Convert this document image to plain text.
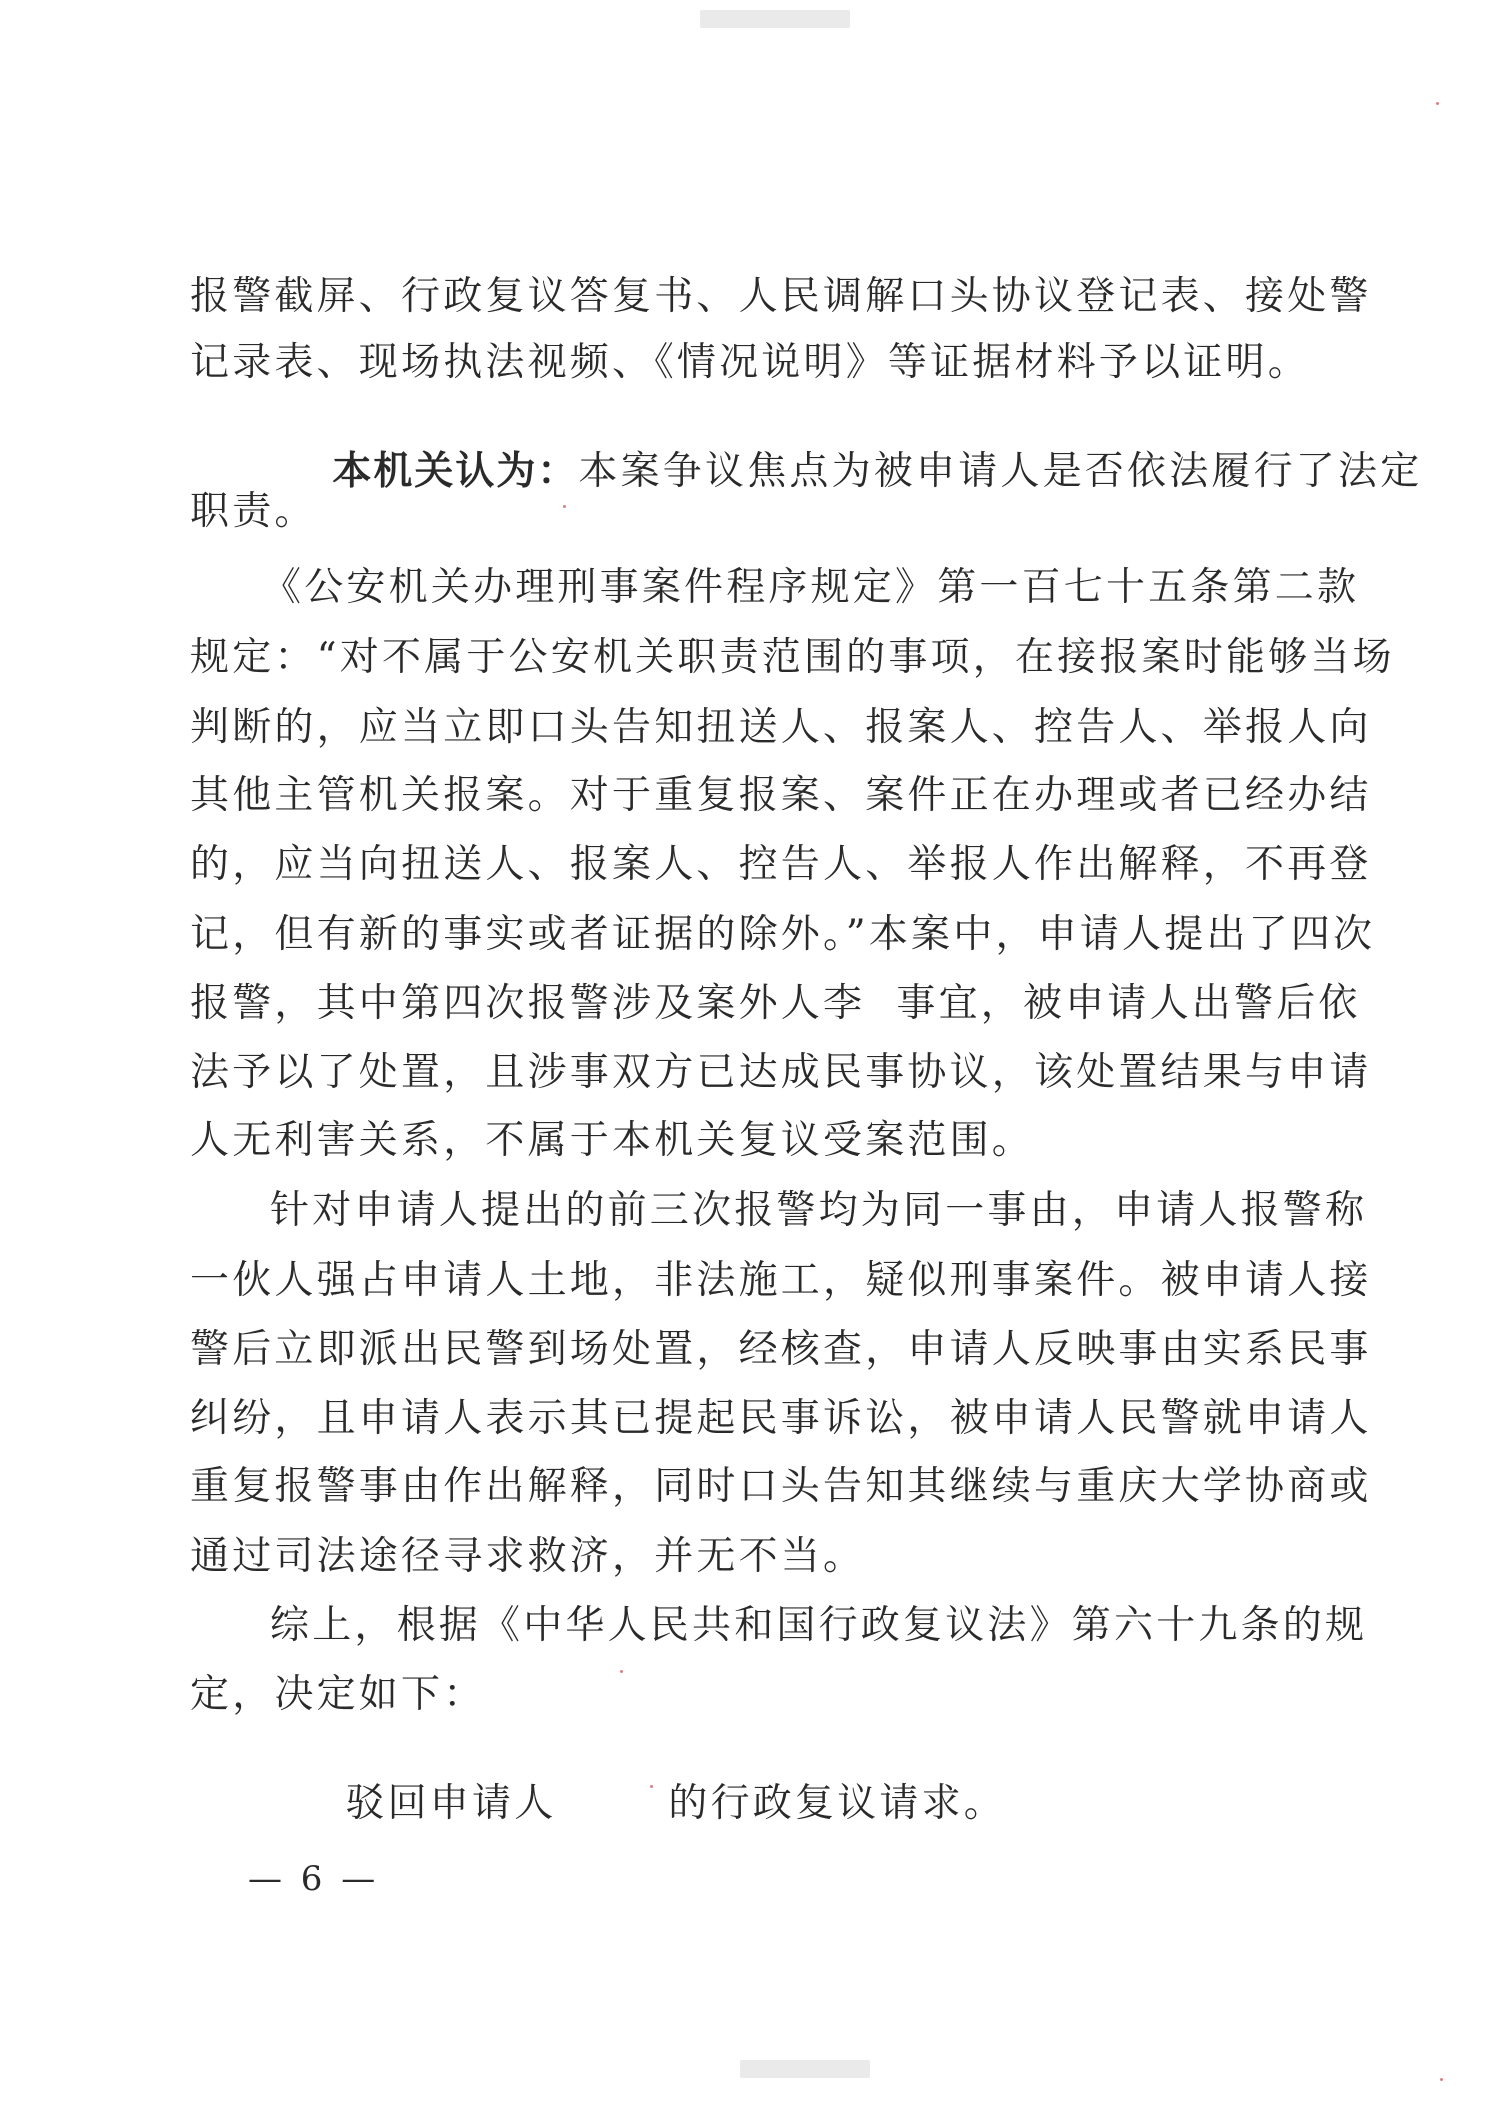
报警截屏、行政复议答复书、人民调解口头协议登记表、接处警
记录表、现场执法视频、《情况说明》等证据材料予以证明。

本机关认为：本案争议焦点为被申请人是否依法履行了法定

职责。
《公安机关办理刑事案件程序规定》第一百七十五条第二款
规定：“对不属于公安机关职责范围的事项，在接报案时能够当场
判断的，应当立即口头告知扭送人、报案人、控告人、举报人向
其他主管机关报案。对于重复报案、案件正在办理或者已经办结
的，应当向扭送人、报案人、控告人、举报人作出解释，不再登
记，但有新的事实或者证据的除外。”本案中，申请人提出了四次
报警，其中第四次报警涉及案外人李  事宜，被申请人出警后依
法予以了处置，且涉事双方已达成民事协议，该处置结果与申请
人无利害关系，不属于本机关复议受案范围。
针对申请人提出的前三次报警均为同一事由，申请人报警称
一伙人强占申请人土地，非法施工，疑似刑事案件。被申请人接
警后立即派出民警到场处置，经核查，申请人反映事由实系民事
纠纷，且申请人表示其已提起民事诉讼，被申请人民警就申请人
重复报警事由作出解释，同时口头告知其继续与重庆大学协商或
通过司法途径寻求救济，并无不当。
综上，根据《中华人民共和国行政复议法》第六十九条的规
定，决定如下：

驳回申请人	的行政复议请求。

— 6 —
